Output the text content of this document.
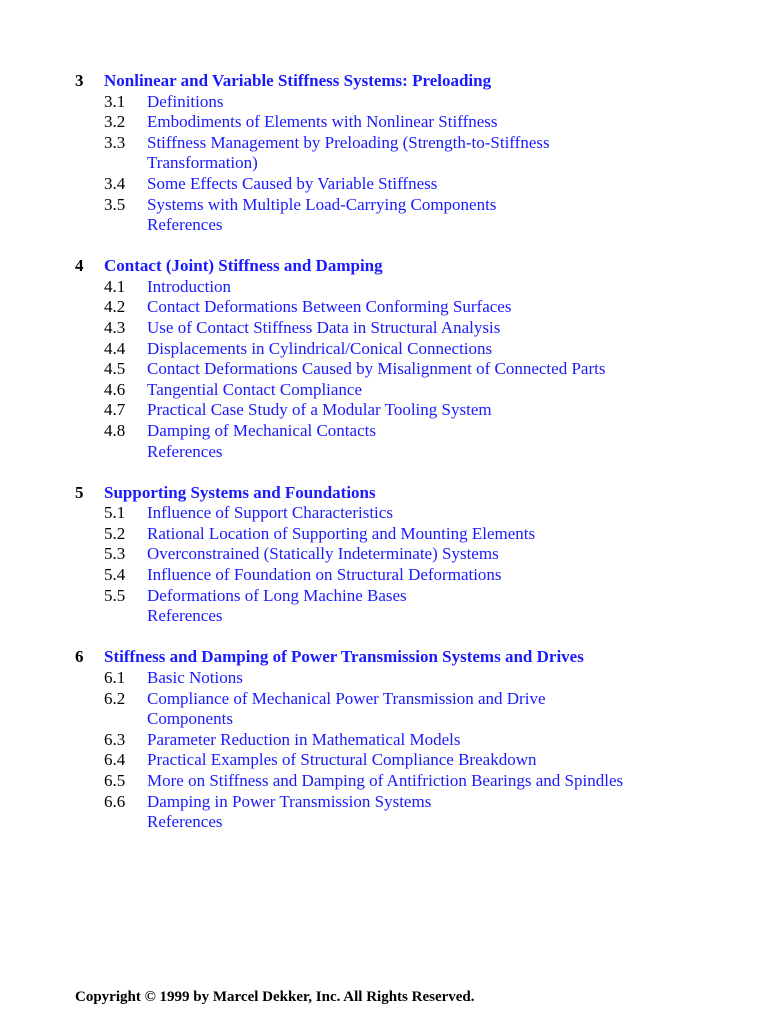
3	Nonlinear and Variable Stiffness Systems: Preloading
3.1	Definitions
3.2	Embodiments of Elements with Nonlinear Stiffness
3.3	Stiffness Management by Preloading (Strength-to-Stiffness Transformation)
3.4	Some Effects Caused by Variable Stiffness
3.5	Systems with Multiple Load-Carrying Components
References
4	Contact (Joint) Stiffness and Damping
4.1	Introduction
4.2	Contact Deformations Between Conforming Surfaces
4.3	Use of Contact Stiffness Data in Structural Analysis
4.4	Displacements in Cylindrical/Conical Connections
4.5	Contact Deformations Caused by Misalignment of Connected Parts
4.6	Tangential Contact Compliance
4.7	Practical Case Study of a Modular Tooling System
4.8	Damping of Mechanical Contacts
References
5	Supporting Systems and Foundations
5.1	Influence of Support Characteristics
5.2	Rational Location of Supporting and Mounting Elements
5.3	Overconstrained (Statically Indeterminate) Systems
5.4	Influence of Foundation on Structural Deformations
5.5	Deformations of Long Machine Bases
References
6	Stiffness and Damping of Power Transmission Systems and Drives
6.1	Basic Notions
6.2	Compliance of Mechanical Power Transmission and Drive Components
6.3	Parameter Reduction in Mathematical Models
6.4	Practical Examples of Structural Compliance Breakdown
6.5	More on Stiffness and Damping of Antifriction Bearings and Spindles
6.6	Damping in Power Transmission Systems
References
Copyright © 1999 by Marcel Dekker, Inc. All Rights Reserved.
